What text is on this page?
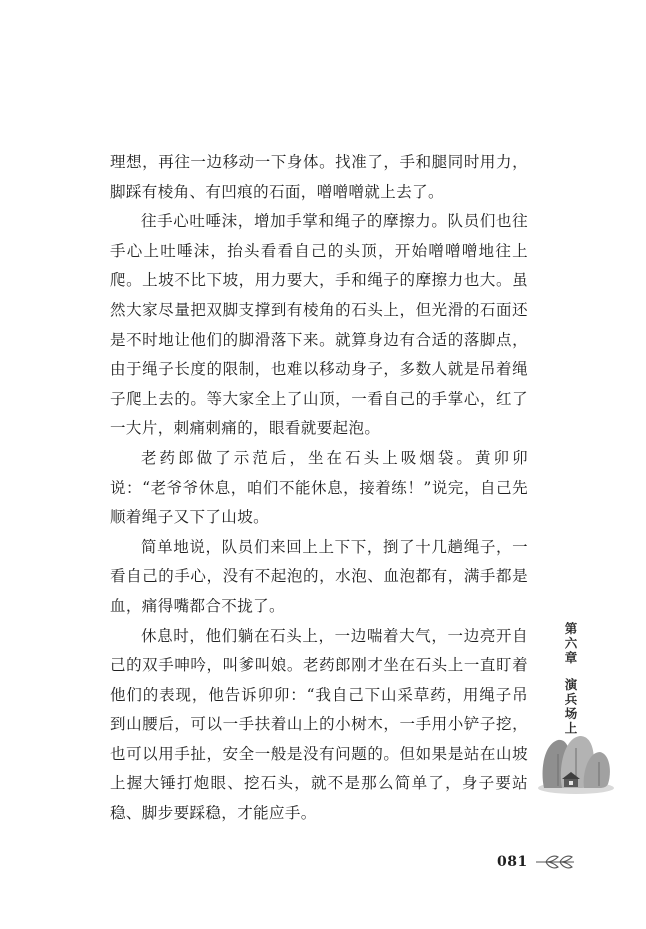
理想，再往一边移动一下身体。找准了，手和腿同时用力，脚踩有棱角、有凹痕的石面，噌噌噌就上去了。

往手心吐唾沫，增加手掌和绳子的摩擦力。队员们也往手心上吐唾沫，抬头看看自己的头顶，开始噌噌噌地往上爬。上坡不比下坡，用力要大，手和绳子的摩擦力也大。虽然大家尽量把双脚支撑到有棱角的石头上，但光滑的石面还是不时地让他们的脚滑落下来。就算身边有合适的落脚点，由于绳子长度的限制，也难以移动身子，多数人就是吊着绳子爬上去的。等大家全上了山顶，一看自己的手掌心，红了一大片，刺痛刺痛的，眼看就要起泡。

老药郎做了示范后，坐在石头上吸烟袋。黄卯卯说：“老爷爷休息，咱们不能休息，接着练！”说完，自己先顺着绳子又下了山坡。

简单地说，队员们来回上上下下，捯了十几趟绳子，一看自己的手心，没有不起泡的，水泡、血泡都有，满手都是血，痛得嘴都合不拢了。

休息时，他们躺在石头上，一边喘着大气，一边亮开自己的双手呻吟，叫爹叫娘。老药郎刚才坐在石头上一直盯着他们的表现，他告诉卯卯：“我自己下山采草药，用绳子吊到山腰后，可以一手扶着山上的小树木，一手用小铲子挖，也可以用手扯，安全一般是没有问题的。但如果是站在山坡上握大锤打炮眼、挖石头，就不是那么简单了，身子要站稳、脚步要踩稳，才能应手。

第六章
演兵场上
081
